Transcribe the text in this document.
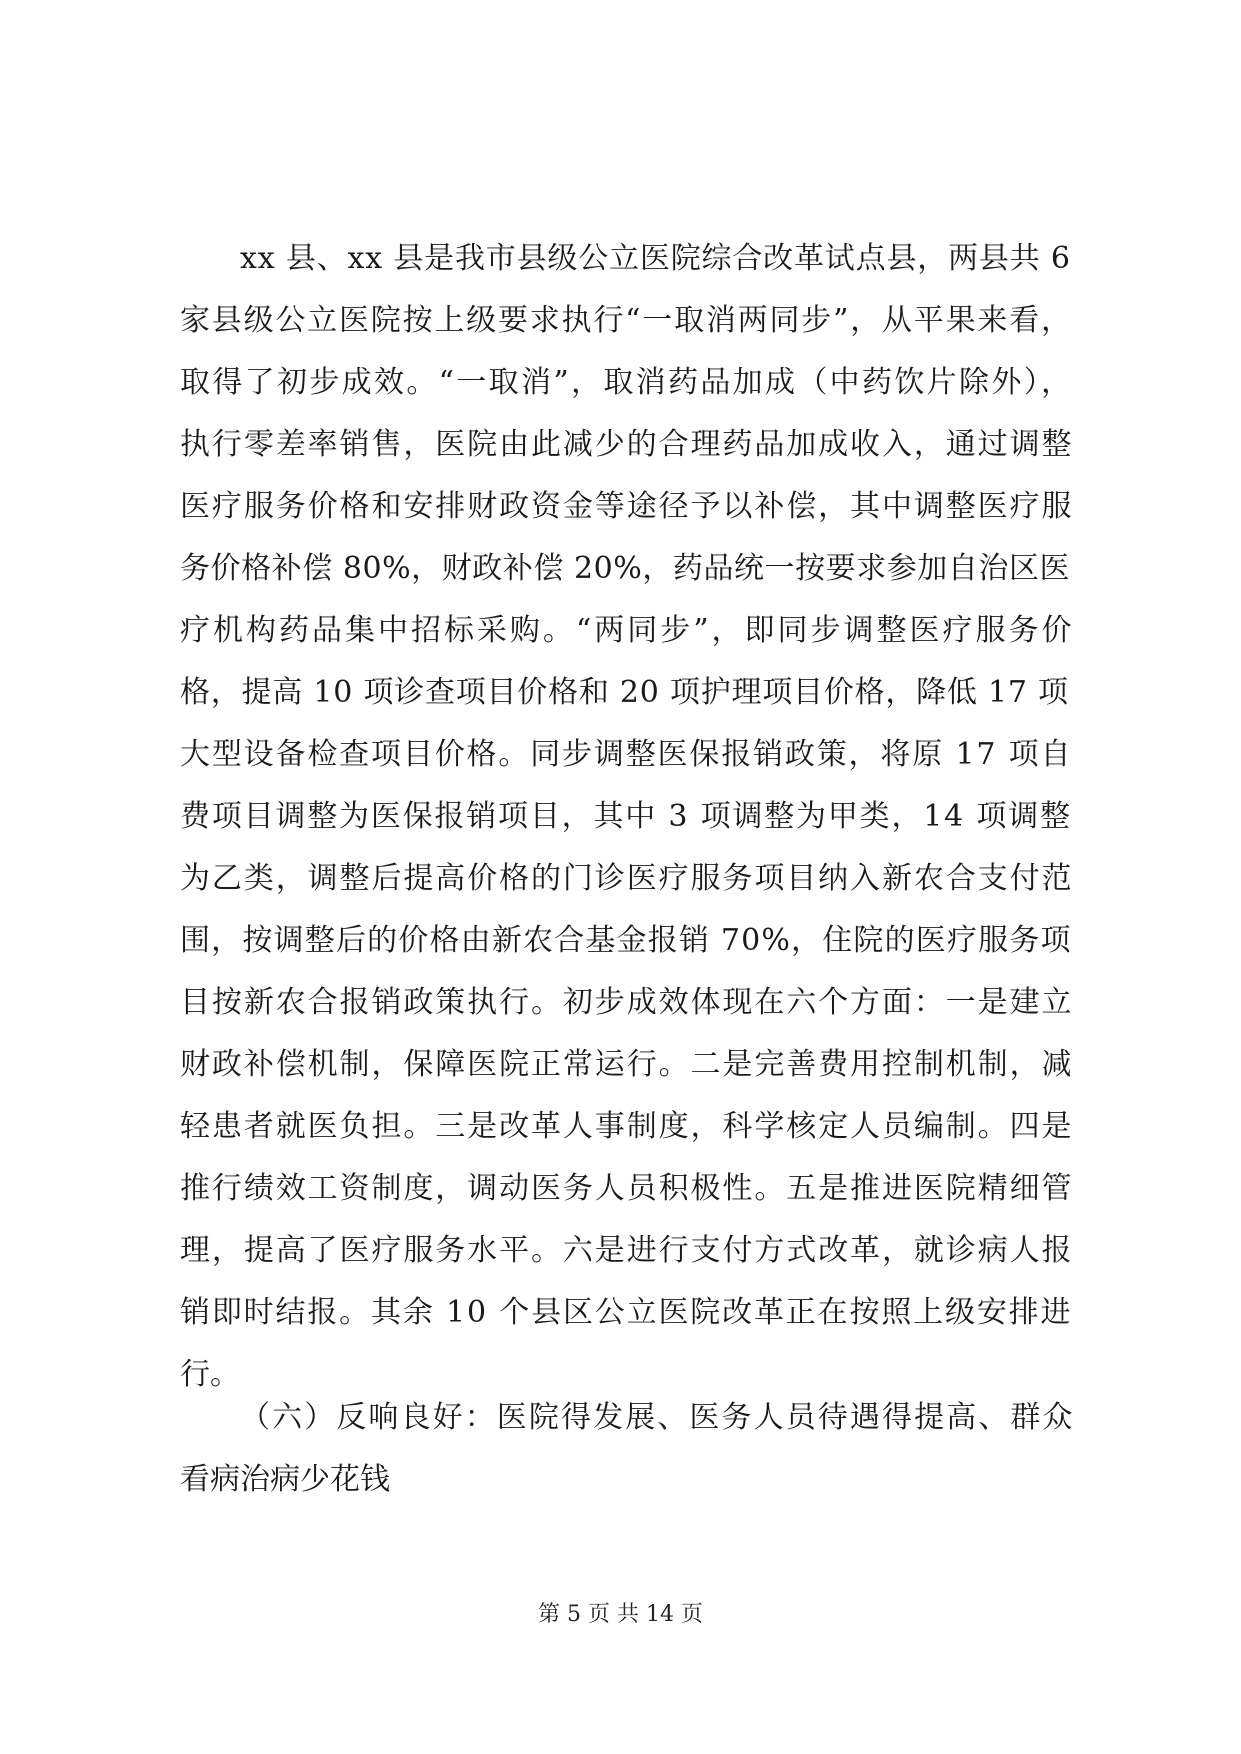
xx 县、xx 县是我市县级公立医院综合改革试点县，两县共 6
家县级公立医院按上级要求执行“一取消两同步”，从平果来看，
取得了初步成效。“一取消”，取消药品加成（中药饮片除外），
执行零差率销售，医院由此减少的合理药品加成收入，通过调整
医疗服务价格和安排财政资金等途径予以补偿，其中调整医疗服
务价格补偿 80%，财政补偿 20%，药品统一按要求参加自治区医
疗机构药品集中招标采购。“两同步”，即同步调整医疗服务价
格，提高 10 项诊查项目价格和 20 项护理项目价格，降低 17 项
大型设备检查项目价格。同步调整医保报销政策，将原 17 项自
费项目调整为医保报销项目，其中 3 项调整为甲类，14 项调整
为乙类，调整后提高价格的门诊医疗服务项目纳入新农合支付范
围，按调整后的价格由新农合基金报销 70%，住院的医疗服务项
目按新农合报销政策执行。初步成效体现在六个方面：一是建立
财政补偿机制，保障医院正常运行。二是完善费用控制机制，减
轻患者就医负担。三是改革人事制度，科学核定人员编制。四是
推行绩效工资制度，调动医务人员积极性。五是推进医院精细管
理，提高了医疗服务水平。六是进行支付方式改革，就诊病人报
销即时结报。其余 10 个县区公立医院改革正在按照上级安排进
行。
（六）反响良好：医院得发展、医务人员待遇得提高、群众
看病治病少花钱
第 5 页 共 14 页
